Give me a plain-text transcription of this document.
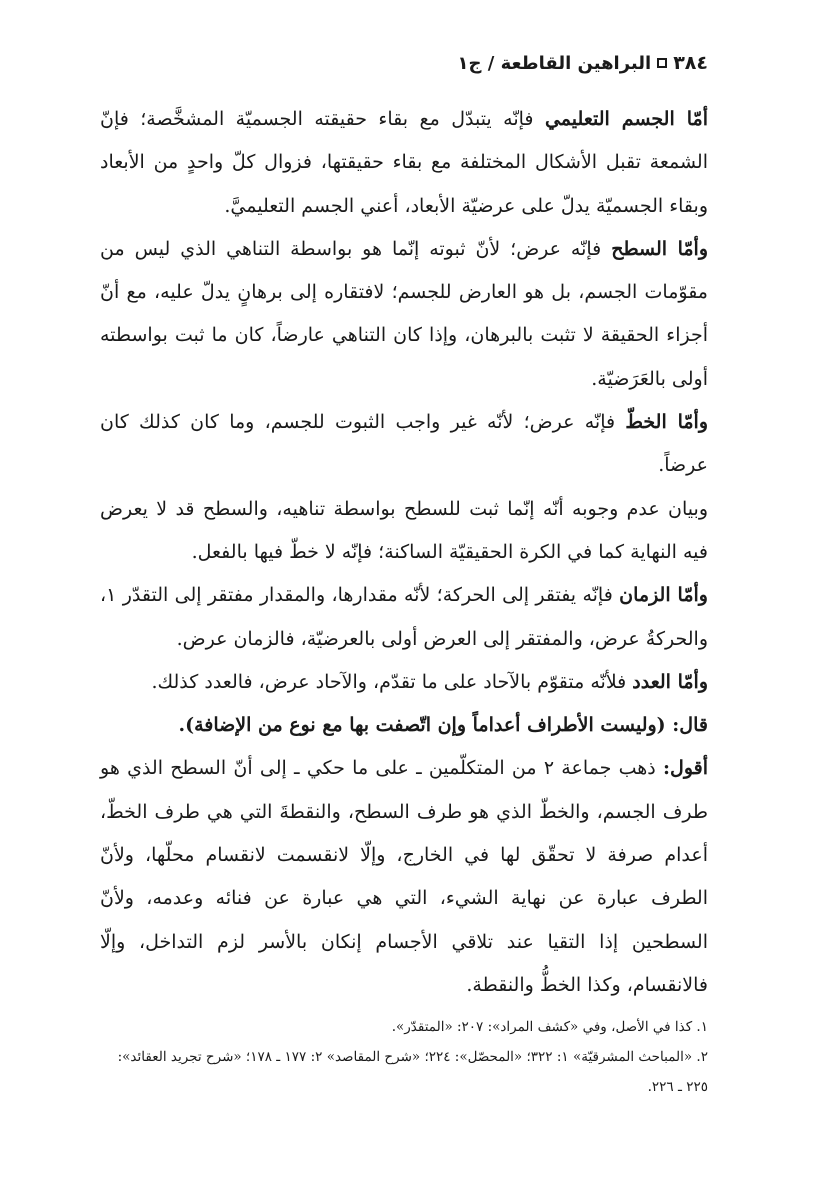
٣٨٤
البراهين القاطعة / ج١

أمّا الجسم التعليمي فإنّه يتبدّل مع بقاء حقيقته الجسميّة المشخَّصة؛ فإنّ الشمعة تقبل الأشكال المختلفة مع بقاء حقيقتها، فزوال كلّ واحدٍ من الأبعاد وبقاء الجسميّة يدلّ على عرضيّة الأبعاد، أعني الجسم التعليميَّ.

وأمّا السطح فإنّه عرض؛ لأنّ ثبوته إنّما هو بواسطة التناهي الذي ليس من مقوّمات الجسم، بل هو العارض للجسم؛ لافتقاره إلى برهانٍ يدلّ عليه، مع أنّ أجزاء الحقيقة لا تثبت بالبرهان، وإذا كان التناهي عارضاً، كان ما ثبت بواسطته أولى بالعَرَضيّة.

وأمّا الخطّ فإنّه عرض؛ لأنّه غير واجب الثبوت للجسم، وما كان كذلك كان عرضاً.

وبيان عدم وجوبه أنّه إنّما ثبت للسطح بواسطة تناهيه، والسطح قد لا يعرض فيه النهاية كما في الكرة الحقيقيّة الساكنة؛ فإنّه لا خطّ فيها بالفعل.

وأمّا الزمان فإنّه يفتقر إلى الحركة؛ لأنّه مقدارها، والمقدار مفتقر إلى التقدّر ١، والحركةُ عرض، والمفتقر إلى العرض أولى بالعرضيّة، فالزمان عرض.

وأمّا العدد فلأنّه متقوّم بالآحاد على ما تقدّم، والآحاد عرض، فالعدد كذلك.

قال: (وليست الأطراف أعداماً وإن اتّصفت بها مع نوع من الإضافة).

أقول: ذهب جماعة ٢ من المتكلّمين ـ على ما حكي ـ إلى أنّ السطح الذي هو طرف الجسم، والخطّ الذي هو طرف السطح، والنقطةَ التي هي طرف الخطّ، أعدام صرفة لا تحقّق لها في الخارج، وإلّا لانقسمت لانقسام محلّها، ولأنّ الطرف عبارة عن نهاية الشيء، التي هي عبارة عن فنائه وعدمه، ولأنّ السطحين إذا التقيا عند تلاقي الأجسام إنكان بالأسر لزم التداخل، وإلّا فالانقسام، وكذا الخطُّ والنقطة.

١. كذا في الأصل، وفي «كشف المراد»: ٢٠٧: «المتقدّر».

٢. «المباحث المشرقيّة» ١: ٣٢٢؛ «المحصّل»: ٢٢٤؛ «شرح المقاصد» ٢: ١٧٧ ـ ١٧٨؛ «شرح تجريد العقائد»: ٢٢٥ ـ ٢٢٦.
